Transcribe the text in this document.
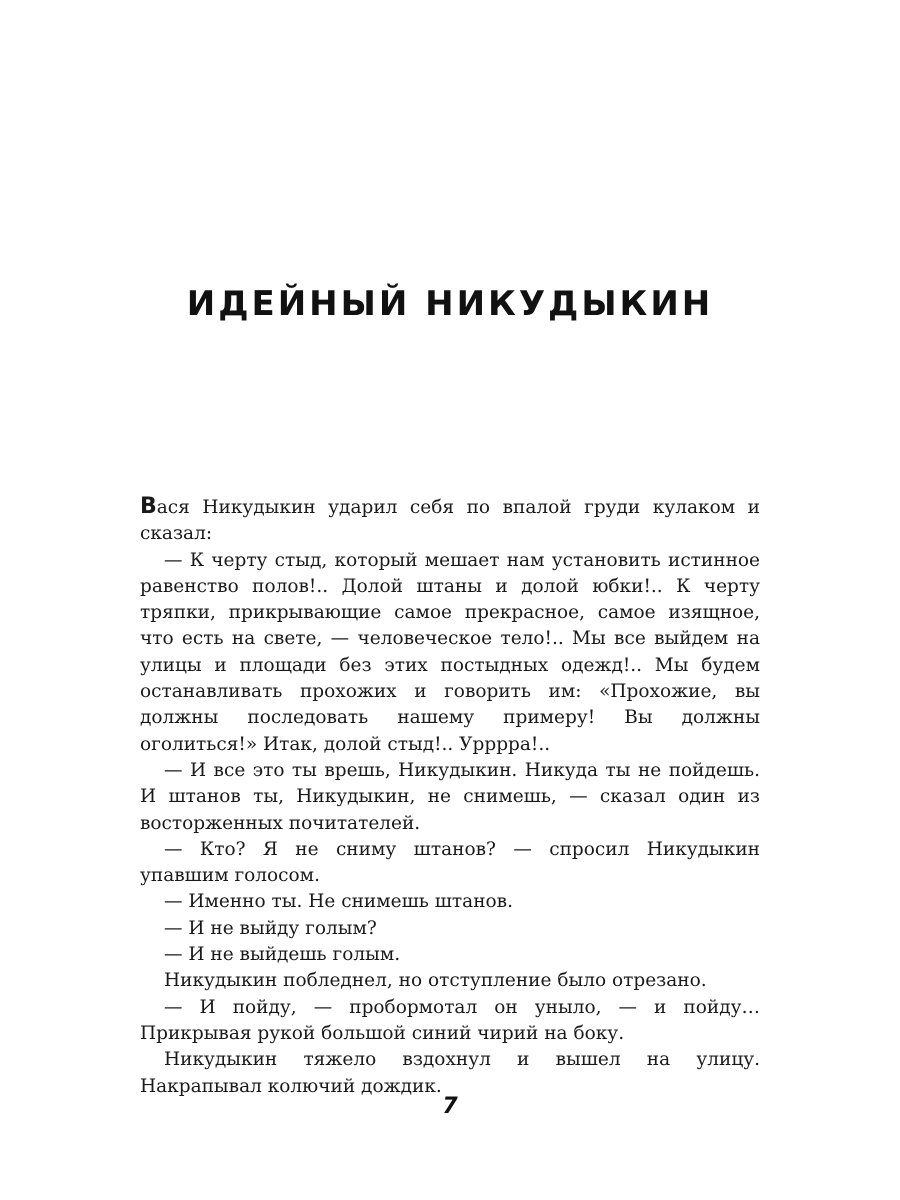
ИДЕЙНЫЙ НИКУДЫКИН

Вася Никудыкин ударил себя по впалой груди кулаком и сказал:

— К черту стыд, который мешает нам установить истинное равенство полов!.. Долой штаны и долой юбки!.. К черту тряпки, прикрывающие самое прекрасное, самое изящное, что есть на свете, — человеческое тело!.. Мы все выйдем на улицы и площади без этих постыдных одежд!.. Мы будем останавливать прохожих и говорить им: «Прохожие, вы должны последовать нашему примеру! Вы должны оголиться!» Итак, долой стыд!.. Урррра!..

— И все это ты врешь, Никудыкин. Никуда ты не пойдешь. И штанов ты, Никудыкин, не снимешь, — сказал один из восторженных почитателей.

— Кто? Я не сниму штанов? — спросил Никудыкин упавшим голосом.

— Именно ты. Не снимешь штанов.

— И не выйду голым?

— И не выйдешь голым.

Никудыкин побледнел, но отступление было отрезано.

— И пойду, — пробормотал он уныло, — и пойду… Прикрывая рукой большой синий чирий на боку.

Никудыкин тяжело вздохнул и вышел на улицу. Накрапывал колючий дождик.

7
